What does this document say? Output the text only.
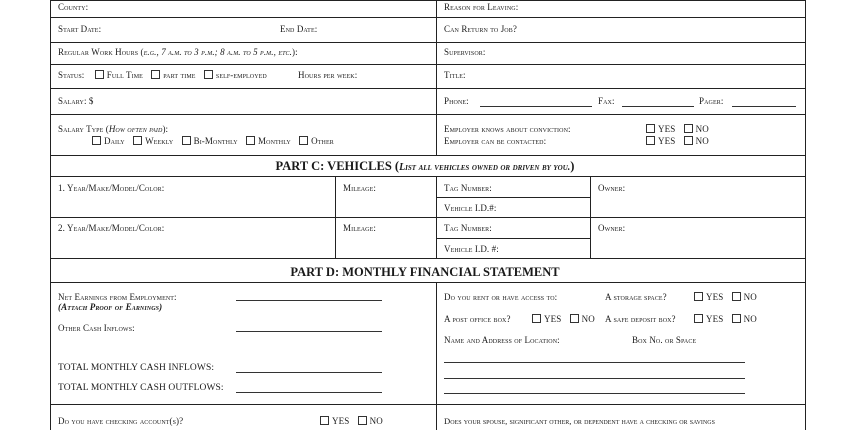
County:	Reason for Leaving:
Start Date:	End Date:	Can Return to Job?
Regular Work Hours (e.g., 7 a.m. to 3 p.m.; 8 a.m. to 5 p.m., etc.):	Supervisor:
Status: Full Time part time self-employed	Hours per week:	Title:
Salary: $	Phone:	Fax:	Pager:
Salary Type (How often paid):
Daily Weekly Bi-Monthly Monthly Other
Employer knows about conviction:	YES NO
Employer can be contacted:	YES NO
PART C: VEHICLES (List all vehicles owned or driven by you.)
1. Year/Make/Model/Color:	Mileage:	Tag Number:
Vehicle I.D.#:
Owner:
2. Year/Make/Model/Color:	Mileage:	Tag Number:
Vehicle I.D. #:
Owner:
PART D: MONTHLY FINANCIAL STATEMENT
Net Earnings from Employment:
(Attach Proof of Earnings)
Other Cash Inflows:
TOTAL MONTHLY CASH INFLOWS:
TOTAL MONTHLY CASH OUTFLOWS:
Do you rent or have access to:	A storage space?	YES NO
A post office box?	YES NO	A safe deposit box?	YES NO
Name and Address of Location:	Box No. or Space
Do you have checking account(s)?	YES NO	Does your spouse, significant other, or dependent have a checking or savings
